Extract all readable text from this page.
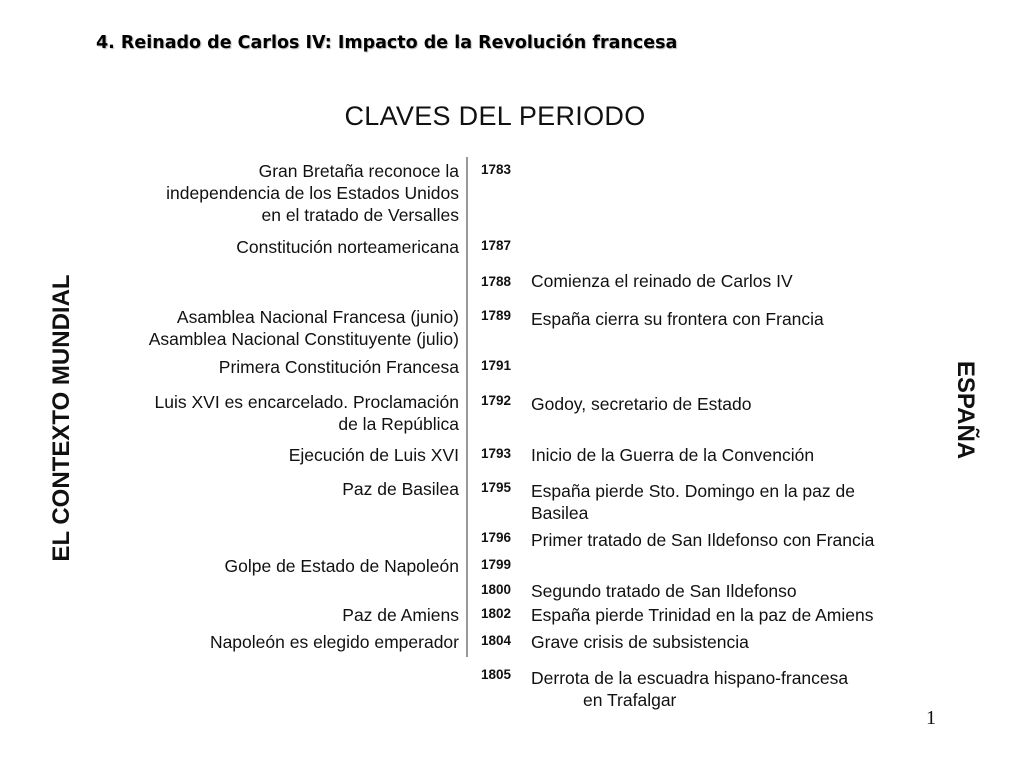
4. Reinado de Carlos IV: Impacto de la Revolución francesa
CLAVES DEL PERIODO
EL CONTEXTO MUNDIAL	ESPAÑA
Gran Bretaña reconoce la
independencia de los Estados Unidos
en el tratado de Versalles
1783
Constitución norteamericana 1787
1788 Comienza el reinado de Carlos IV
Asamblea Nacional Francesa (junio)
Asamblea Nacional Constituyente (julio)
1789 España cierra su frontera con Francia
Primera Constitución Francesa 1791
Luis XVI es encarcelado. Proclamación
de la República
1792 Godoy, secretario de Estado
Ejecución de Luis XVI 1793 Inicio de la Guerra de la Convención
Paz de Basilea 1795 España pierde Sto. Domingo en la paz de
Basilea
1796 Primer tratado de San Ildefonso con Francia
Golpe de Estado de Napoleón 1799
1800 Segundo tratado de San Ildefonso
Paz de Amiens 1802 España pierde Trinidad en la paz de Amiens
Napoleón es elegido emperador 1804 Grave crisis de subsistencia
1805 Derrota de la escuadra hispano-francesa
en Trafalgar
1
